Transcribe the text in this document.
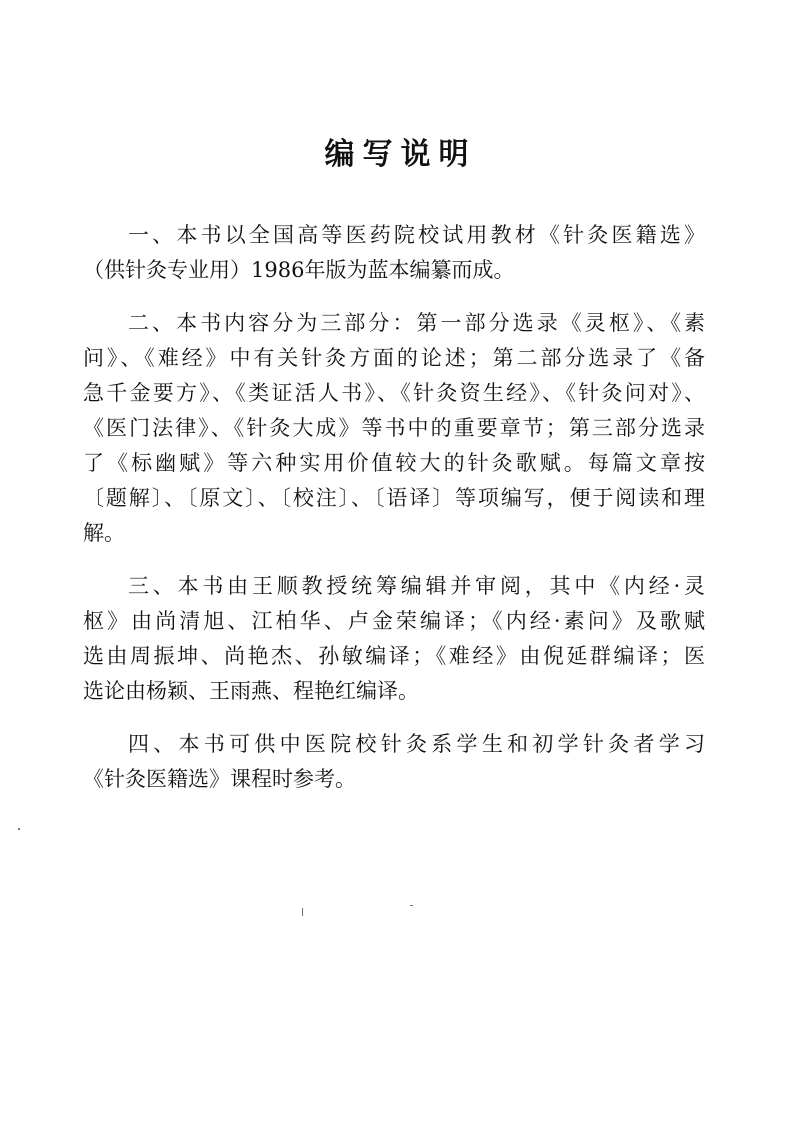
编写说明
一、本书以全国高等医药院校试用教材《针灸医籍选》
（供针灸专业用）1986年版为蓝本编纂而成。
二、本书内容分为三部分：第一部分选录《灵枢》、《素
问》、《难经》中有关针灸方面的论述；第二部分选录了《备
急千金要方》、《类证活人书》、《针灸资生经》、《针灸问对》、
《医门法律》、《针灸大成》等书中的重要章节；第三部分选录
了《标幽赋》等六种实用价值较大的针灸歌赋。每篇文章按
〔题解〕、〔原文〕、〔校注〕、〔语译〕等项编写，便于阅读和理
解。
三、本书由王顺教授统筹编辑并审阅，其中《内经·灵
枢》由尚清旭、江柏华、卢金荣编译；《内经·素问》及歌赋
选由周振坤、尚艳杰、孙敏编译；《难经》由倪延群编译；医
选论由杨颖、王雨燕、程艳红编译。
四、本书可供中医院校针灸系学生和初学针灸者学习
《针灸医籍选》课程时参考。
